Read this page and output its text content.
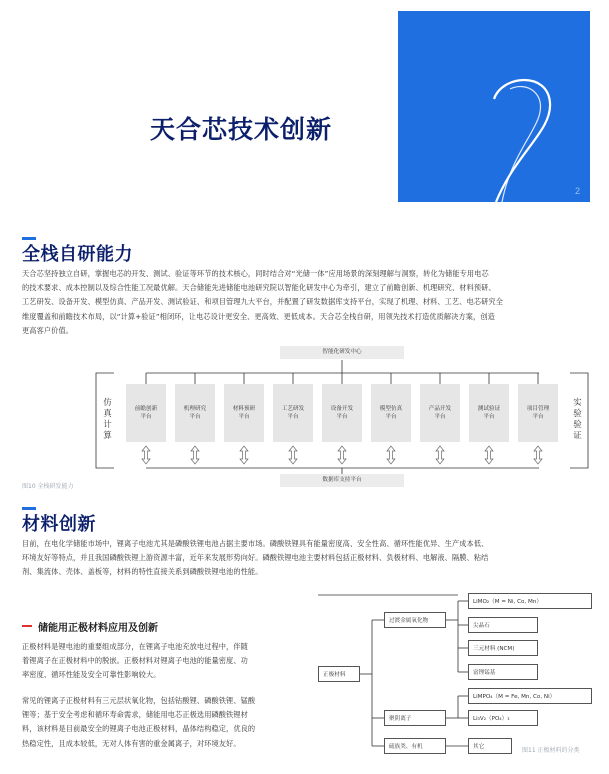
2
天合芯技术创新
全栈自研能力
天合芯坚持独立自研，掌握电芯的开发、测试、验证等环节的技术核心，同时结合对“光储一体”应用场景的深刻理解与洞察，转化为储能专用电芯
的技术要求、成本控制以及综合性能工况最优解。天合储能先进储能电池研究院以智能化研发中心为牵引，建立了前瞻创新、机理研究、材料预研、
工艺研发、设备开发、模型仿真、产品开发、测试验证、和项目管理九大平台，并配置了研发数据库支持平台，实现了机理、材料、工艺、电芯研究全
维度覆盖和前瞻技术布局，以“计算+验证”相闭环，让电芯设计更安全、更高效、更低成本。天合芯全栈自研，用领先技术打造优质解决方案，创造
更高客户价值。
智能化研发中心
数据库支持平台
仿真计算
实验验证
前瞻创新
平台
机理研究
平台
材料预研
平台
工艺研发
平台
设备开发
平台
模型仿真
平台
产品开发
平台
测试验证
平台
项目管理
平台
图10 全栈研发能力
材料创新
目前，在电化学储能市场中，锂离子电池尤其是磷酸铁锂电池占据主要市场。磷酸铁锂具有能量密度高、安全性高、循环性能优异、生产成本低、
环境友好等特点，并且我国磷酸铁锂上游资源丰富，近年来发展形势向好。磷酸铁锂电池主要材料包括正极材料、负极材料、电解液、隔膜、粘结
剂、集流体、壳体、盖板等，材料的特性直接关系到磷酸铁锂电池的性能。
储能用正极材料应用及创新
正极材料是锂电池的重要组成部分，在锂离子电池充放电过程中，伴随
着锂离子在正极材料中的脱嵌。正极材料对锂离子电池的能量密度、功
率密度、循环性能及安全可靠性影响较大。
常见的锂离子正极材料有三元层状氧化物，包括钴酸锂、磷酸铁锂、锰酸
锂等；基于安全考虑和循环寿命需求，储能用电芯正极选用磷酸铁锂材
料，该材料是目前最安全的锂离子电池正极材料，晶体结构稳定，优良的
热稳定性，且成本较低，无对人体有害的重金属离子，对环境友好。
正极材料
过渡金属氧化物
聚阴离子
硫族类、有机
LiMO₂（M = Ni, Co, Mn）
尖晶石
三元材料 (NCM)
富锂锰基
LiMPO₄（M = Fe, Mn, Co, Ni）
Li₃V₂（PO₄）₃
其它	图11 正极材料的分类
